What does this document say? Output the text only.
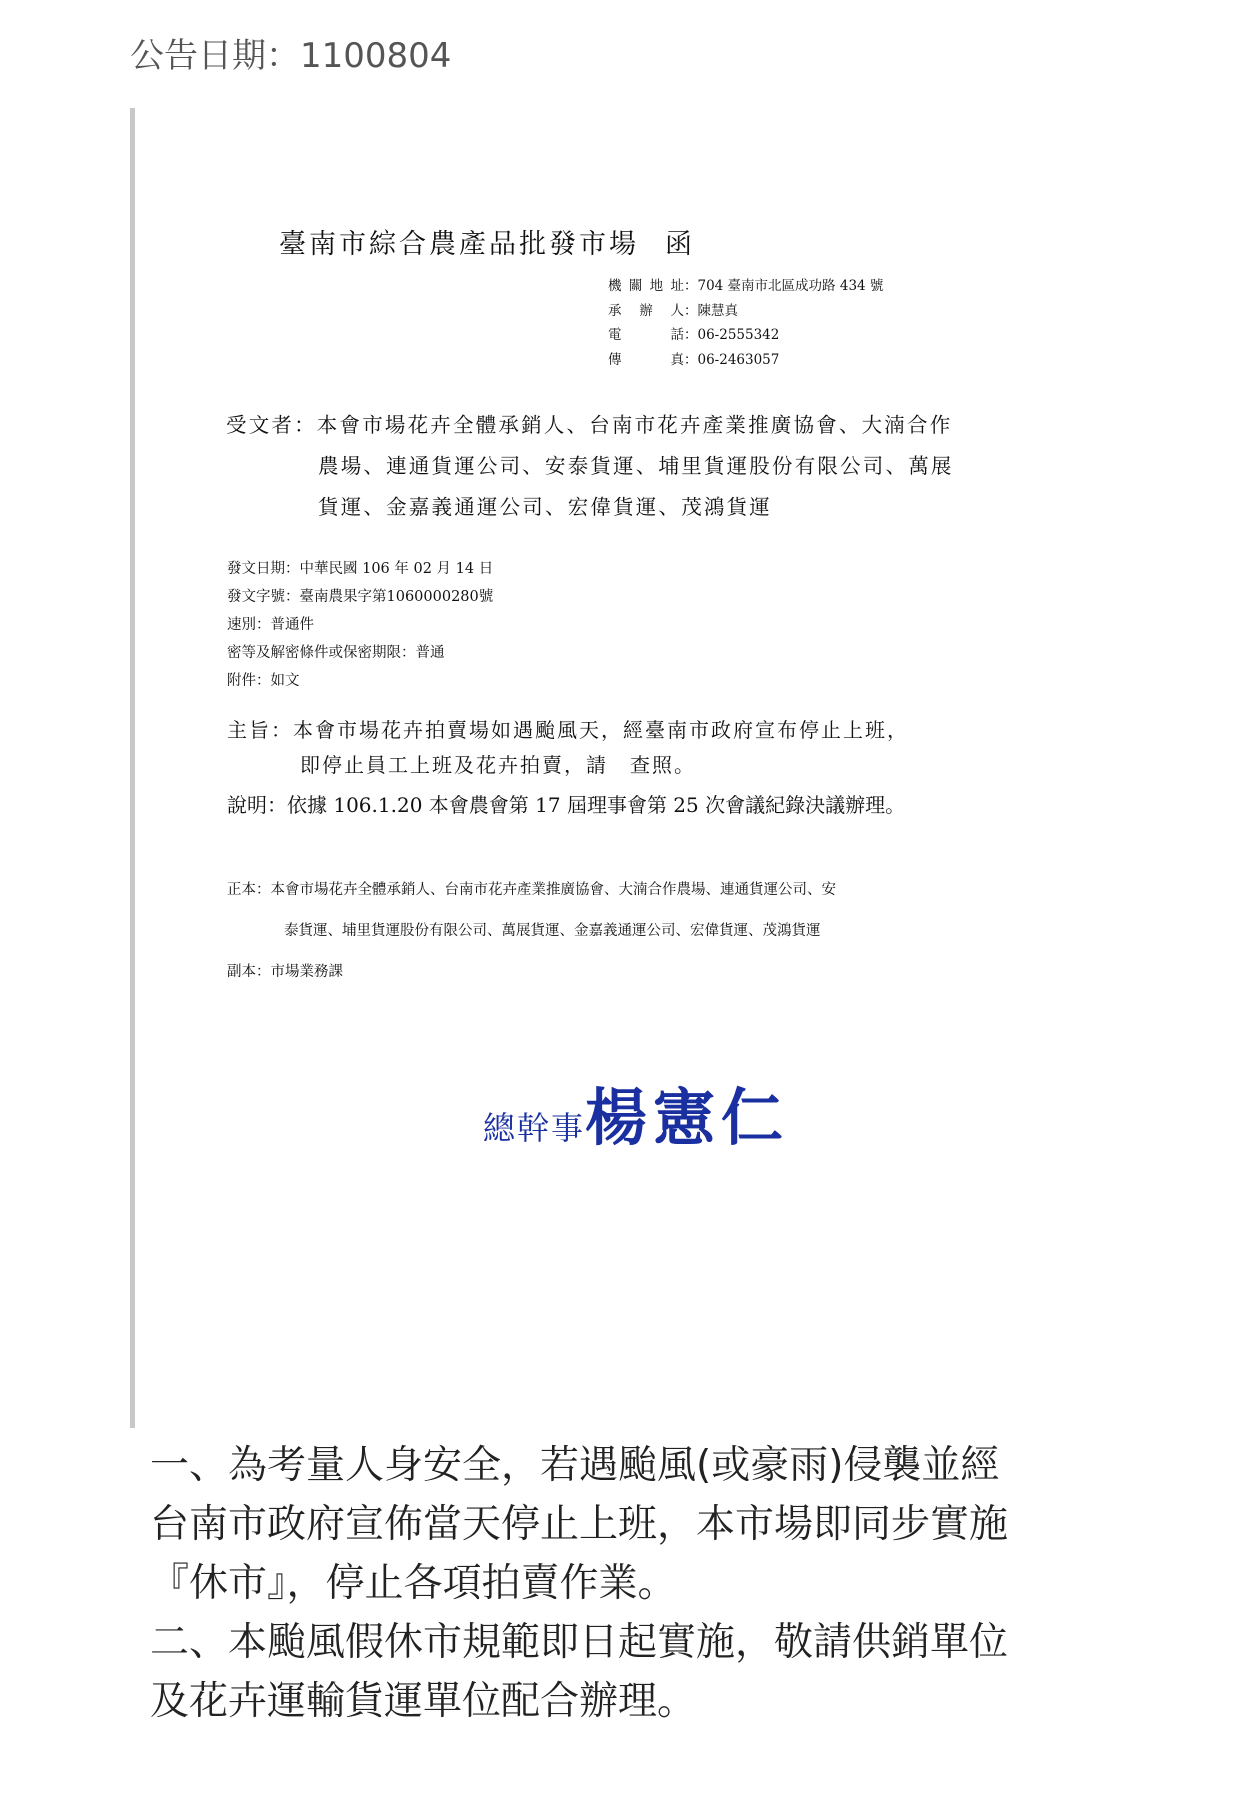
公告日期：1100804
臺南市綜合農產品批發市場 函
機關地址 ：704 臺南市北區成功路 434 號
承 辦 人 ：陳慧真
電 話 ：06-2555342
傳 真 ：06-2463057
受文者：本會市場花卉全體承銷人、台南市花卉產業推廣協會、大湳合作
農場、連通貨運公司、安泰貨運、埔里貨運股份有限公司、萬展
貨運、金嘉義通運公司、宏偉貨運、茂鴻貨運
發文日期：中華民國 106 年 02 月 14 日
發文字號：臺南農果字第1060000280號
速別：普通件
密等及解密條件或保密期限：普通
附件：如文
主旨：本會市場花卉拍賣場如遇颱風天，經臺南市政府宣布停止上班，
即停止員工上班及花卉拍賣，請　查照。
說明：依據 106.1.20 本會農會第 17 屆理事會第 25 次會議紀錄決議辦理。
正本：本會市場花卉全體承銷人、台南市花卉產業推廣協會、大湳合作農場、連通貨運公司、安
泰貨運、埔里貨運股份有限公司、萬展貨運、金嘉義通運公司、宏偉貨運、茂鴻貨運
副本：市場業務課
總幹事楊憲仁

一、為考量人身安全，若遇颱風(或豪雨)侵襲並經

台南市政府宣佈當天停止上班，本市場即同步實施

『休市』，停止各項拍賣作業。

二、本颱風假休市規範即日起實施，敬請供銷單位

及花卉運輸貨運單位配合辦理。
